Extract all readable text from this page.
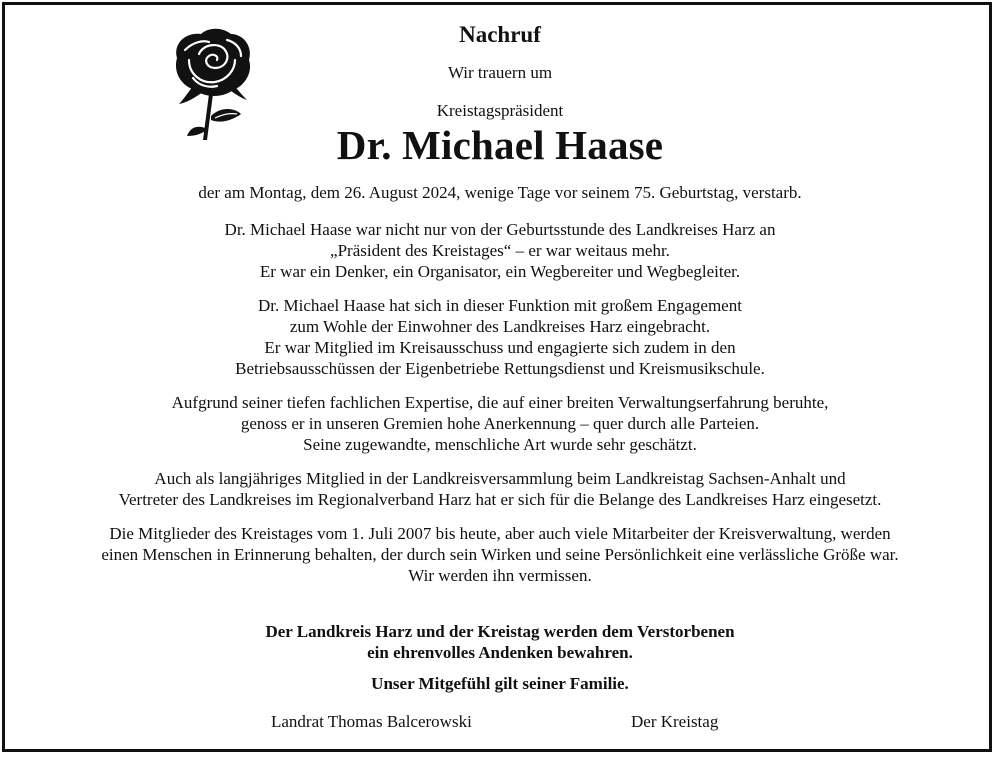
Nachruf
Wir trauern um
Kreistagspräsident
Dr. Michael Haase

der am Montag, dem 26. August 2024, wenige Tage vor seinem 75. Geburtstag, verstarb.

Dr. Michael Haase war nicht nur von der Geburtsstunde des Landkreises Harz an
„Präsident des Kreistages“ – er war weitaus mehr.
Er war ein Denker, ein Organisator, ein Wegbereiter und Wegbegleiter.

Dr. Michael Haase hat sich in dieser Funktion mit großem Engagement
zum Wohle der Einwohner des Landkreises Harz eingebracht.
Er war Mitglied im Kreisausschuss und engagierte sich zudem in den
Betriebsausschüssen der Eigenbetriebe Rettungsdienst und Kreismusikschule.

Aufgrund seiner tiefen fachlichen Expertise, die auf einer breiten Verwaltungserfahrung beruhte,
genoss er in unseren Gremien hohe Anerkennung – quer durch alle Parteien.
Seine zugewandte, menschliche Art wurde sehr geschätzt.

Auch als langjähriges Mitglied in der Landkreisversammlung beim Landkreistag Sachsen-Anhalt und
Vertreter des Landkreises im Regionalverband Harz hat er sich für die Belange des Landkreises Harz eingesetzt.

Die Mitglieder des Kreistages vom 1. Juli 2007 bis heute, aber auch viele Mitarbeiter der Kreisverwaltung, werden
einen Menschen in Erinnerung behalten, der durch sein Wirken und seine Persönlichkeit eine verlässliche Größe war.
Wir werden ihn vermissen.

Der Landkreis Harz und der Kreistag werden dem Verstorbenen

ein ehrenvolles Andenken bewahren.

Unser Mitgefühl gilt seiner Familie.
Landrat Thomas Balcerowski	Der Kreistag
